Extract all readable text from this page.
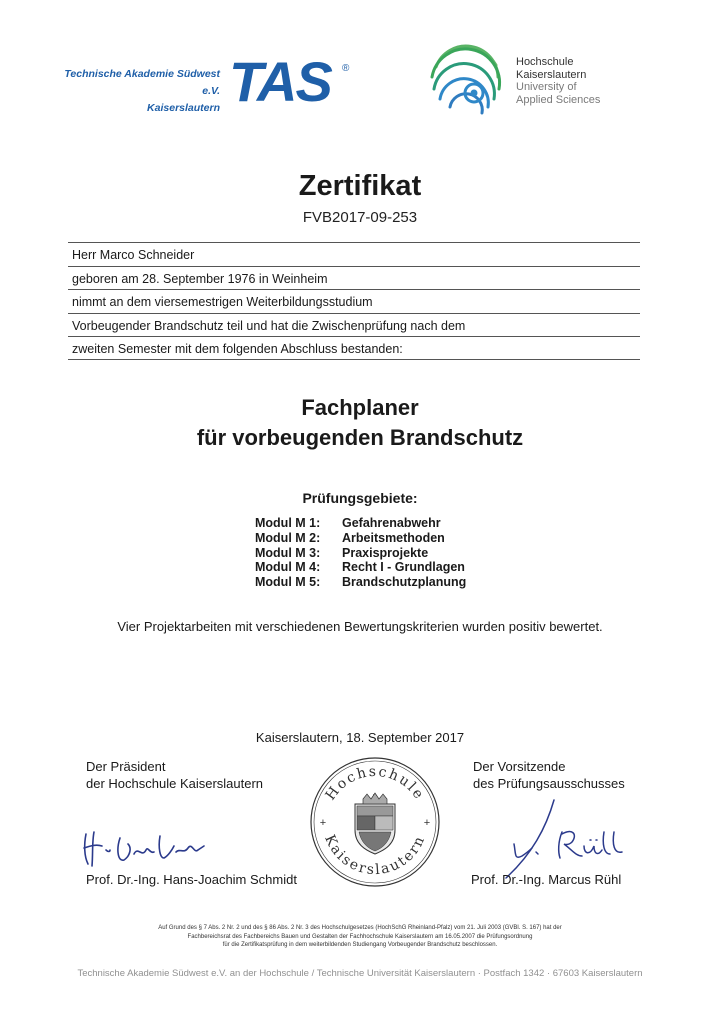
Technische Akademie Südwest e.V.
Kaiserslautern TAS ®
Hochschule
Kaiserslautern
University of
Applied Sciences
Zertifikat
FVB2017-09-253
Herr Marco Schneider
geboren am 28. September 1976 in Weinheim
nimmt an dem viersemestrigen Weiterbildungsstudium
Vorbeugender Brandschutz teil und hat die Zwischenprüfung nach dem
zweiten Semester mit dem folgenden Abschluss bestanden:
Fachplaner
für vorbeugenden Brandschutz
Prüfungsgebiete:
Modul M 1:	Gefahrenabwehr
Modul M 2:	Arbeitsmethoden
Modul M 3:	Praxisprojekte
Modul M 4:	Recht I - Grundlagen
Modul M 5:	Brandschutzplanung
Vier Projektarbeiten mit verschiedenen Bewertungskriterien wurden positiv bewertet.
Kaiserslautern, 18. September 2017
Der Präsident
der Hochschule Kaiserslautern
Der Vorsitzende
des Prüfungsausschusses
Prof. Dr.-Ing. Hans-Joachim Schmidt	Prof. Dr.-Ing. Marcus Rühl
Hochschule
Kaiserslautern
+	+
Auf Grund des § 7 Abs. 2 Nr. 2 und des § 86 Abs. 2 Nr. 3 des Hochschulgesetzes (HochSchG Rheinland-Pfalz) vom 21. Juli 2003 (GVBl. S. 167) hat der
Fachbereichsrat des Fachbereichs Bauen und Gestalten der Fachhochschule Kaiserslautern am 16.05.2007 die Prüfungsordnung
für die Zertifikatsprüfung in dem weiterbildenden Studiengang Vorbeugender Brandschutz beschlossen.
Technische Akademie Südwest e.V. an der Hochschule / Technische Universität Kaiserslautern · Postfach 1342 · 67603 Kaiserslautern
